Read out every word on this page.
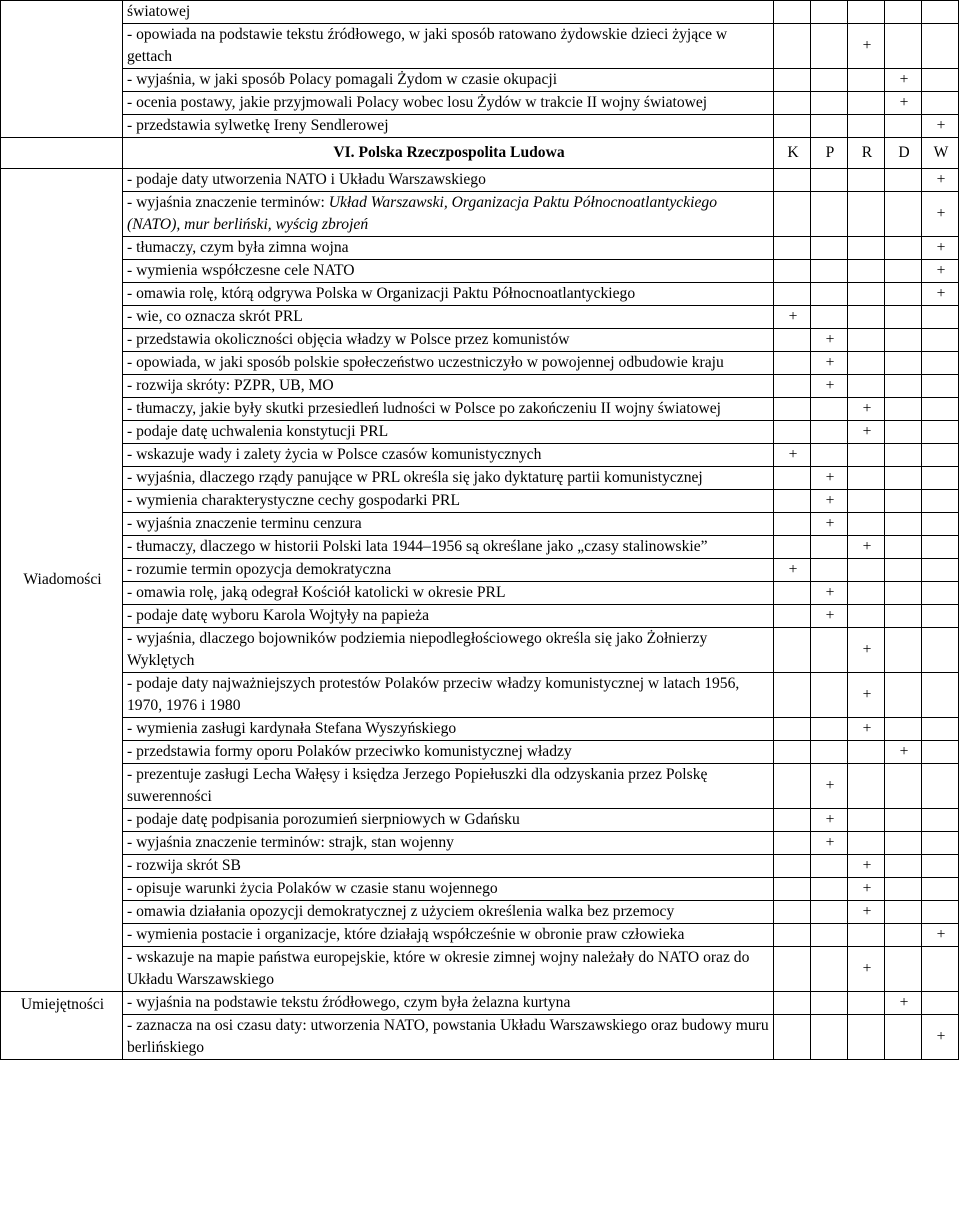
	światowej					
	- opowiada na podstawie tekstu źródłowego, w jaki sposób ratowano żydowskie dzieci żyjące w gettach			+		
	- wyjaśnia, w jaki sposób Polacy pomagali Żydom w czasie okupacji				+	
	- ocenia postawy, jakie przyjmowali Polacy wobec losu Żydów w trakcie II wojny światowej				+	
	- przedstawia sylwetkę Ireny Sendlerowej					+
	VI. Polska Rzeczpospolita Ludowa	K	P	R	D	W
Wiadomości	- podaje daty utworzenia NATO i Układu Warszawskiego					+
	- wyjaśnia znaczenie terminów: Układ Warszawski, Organizacja Paktu Północnoatlantyckiego (NATO), mur berliński, wyścig zbrojeń					+
	- tłumaczy, czym była zimna wojna					+
	- wymienia współczesne cele NATO					+
	- omawia rolę, którą odgrywa Polska w Organizacji Paktu Północnoatlantyckiego					+
	- wie, co oznacza skrót PRL	+				
	- przedstawia okoliczności objęcia władzy w Polsce przez komunistów		+			
	- opowiada, w jaki sposób polskie społeczeństwo uczestniczyło w powojennej odbudowie kraju		+			
	- rozwija skróty: PZPR, UB, MO		+			
	- tłumaczy, jakie były skutki przesiedleń ludności w Polsce po zakończeniu II wojny światowej			+		
	- podaje datę uchwalenia konstytucji PRL			+		
	- wskazuje wady i zalety życia w Polsce czasów komunistycznych	+				
	- wyjaśnia, dlaczego rządy panujące w PRL określa się jako dyktaturę partii komunistycznej		+			
	- wymienia charakterystyczne cechy gospodarki PRL		+			
	- wyjaśnia znaczenie terminu cenzura		+			
	- tłumaczy, dlaczego w historii Polski lata 1944–1956 są określane jako „czasy stalinowskie”			+		
	- rozumie termin opozycja demokratyczna	+				
	- omawia rolę, jaką odegrał Kościół katolicki w okresie PRL		+			
	- podaje datę wyboru Karola Wojtyły na papieża		+			
	- wyjaśnia, dlaczego bojowników podziemia niepodległościowego określa się jako Żołnierzy Wyklętych			+		
	- podaje daty najważniejszych protestów Polaków przeciw władzy komunistycznej w latach 1956, 1970, 1976 i 1980			+		
	- wymienia zasługi kardynała Stefana Wyszyńskiego			+		
	- przedstawia formy oporu Polaków przeciwko komunistycznej władzy				+	
	- prezentuje zasługi Lecha Wałęsy i księdza Jerzego Popiełuszki dla odzyskania przez Polskę suwerenności		+			
	- podaje datę podpisania porozumień sierpniowych w Gdańsku		+			
	- wyjaśnia znaczenie terminów: strajk, stan wojenny		+			
	- rozwija skrót SB			+		
	- opisuje warunki życia Polaków w czasie stanu wojennego			+		
	- omawia działania opozycji demokratycznej z użyciem określenia walka bez przemocy			+		
	- wymienia postacie i organizacje, które działają współcześnie w obronie praw człowieka					+
	- wskazuje na mapie państwa europejskie, które w okresie zimnej wojny należały do NATO oraz do Układu Warszawskiego			+		
Umiejętności	- wyjaśnia na podstawie tekstu źródłowego, czym była żelazna kurtyna				+	
	- zaznacza na osi czasu daty: utworzenia NATO, powstania Układu Warszawskiego oraz budowy muru berlińskiego					+
